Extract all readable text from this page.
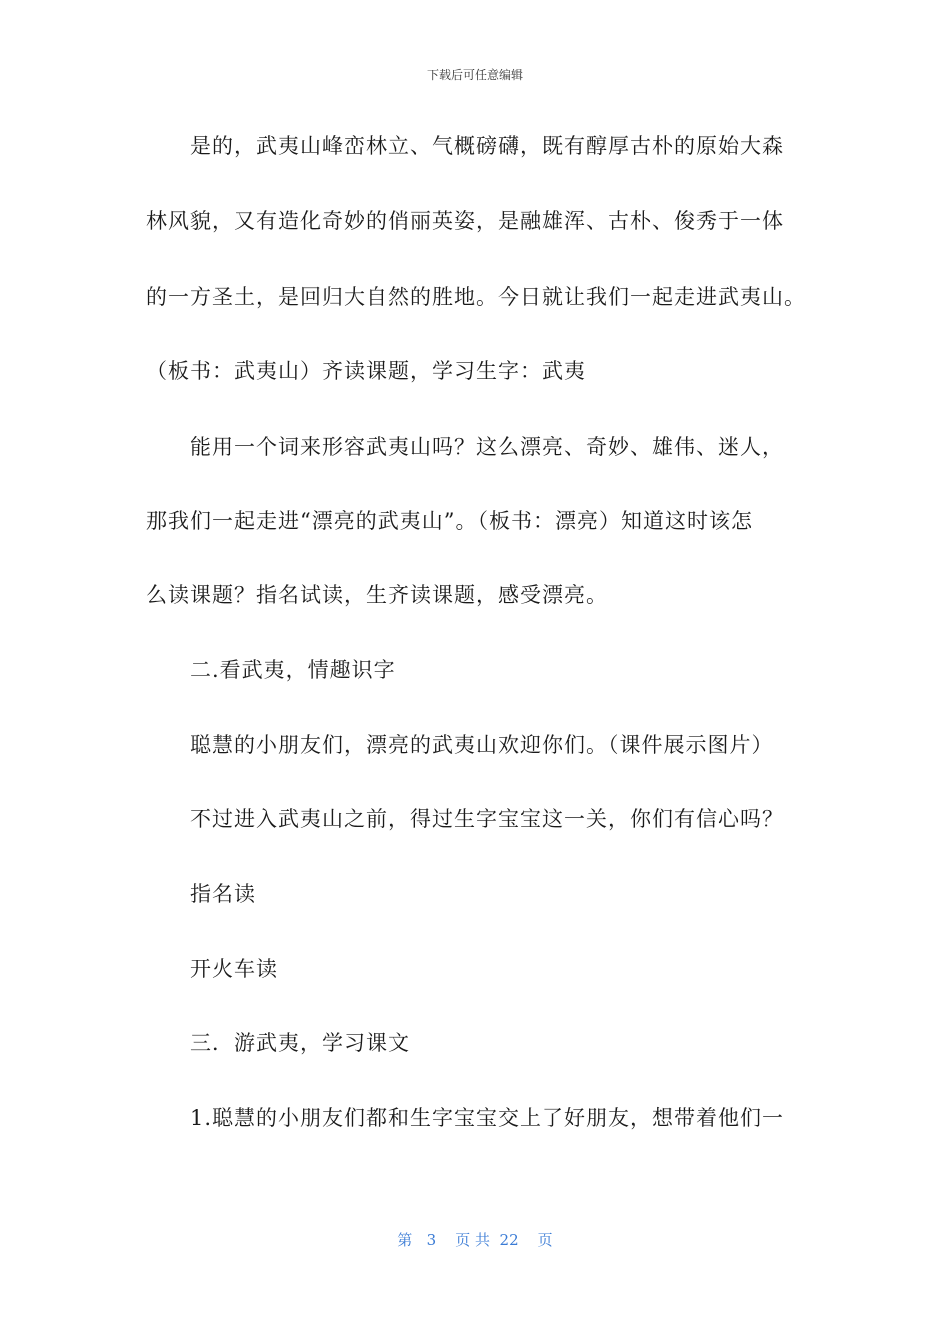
下载后可任意编辑
是的，武夷山峰峦林立、气概磅礴，既有醇厚古朴的原始大森
林风貌，又有造化奇妙的俏丽英姿，是融雄浑、古朴、俊秀于一体
的一方圣土，是回归大自然的胜地。今日就让我们一起走进武夷山。
（板书：武夷山）齐读课题，学习生字：武夷
能用一个词来形容武夷山吗？这么漂亮、奇妙、雄伟、迷人，
那我们一起走进“漂亮的武夷山”。（板书：漂亮）知道这时该怎
么读课题？指名试读，生齐读课题，感受漂亮。
二.看武夷，情趣识字
聪慧的小朋友们，漂亮的武夷山欢迎你们。（课件展示图片）
不过进入武夷山之前，得过生字宝宝这一关，你们有信心吗？
指名读
开火车读
三．游武夷，学习课文
1.聪慧的小朋友们都和生字宝宝交上了好朋友，想带着他们一
第   3    页 共  22    页
